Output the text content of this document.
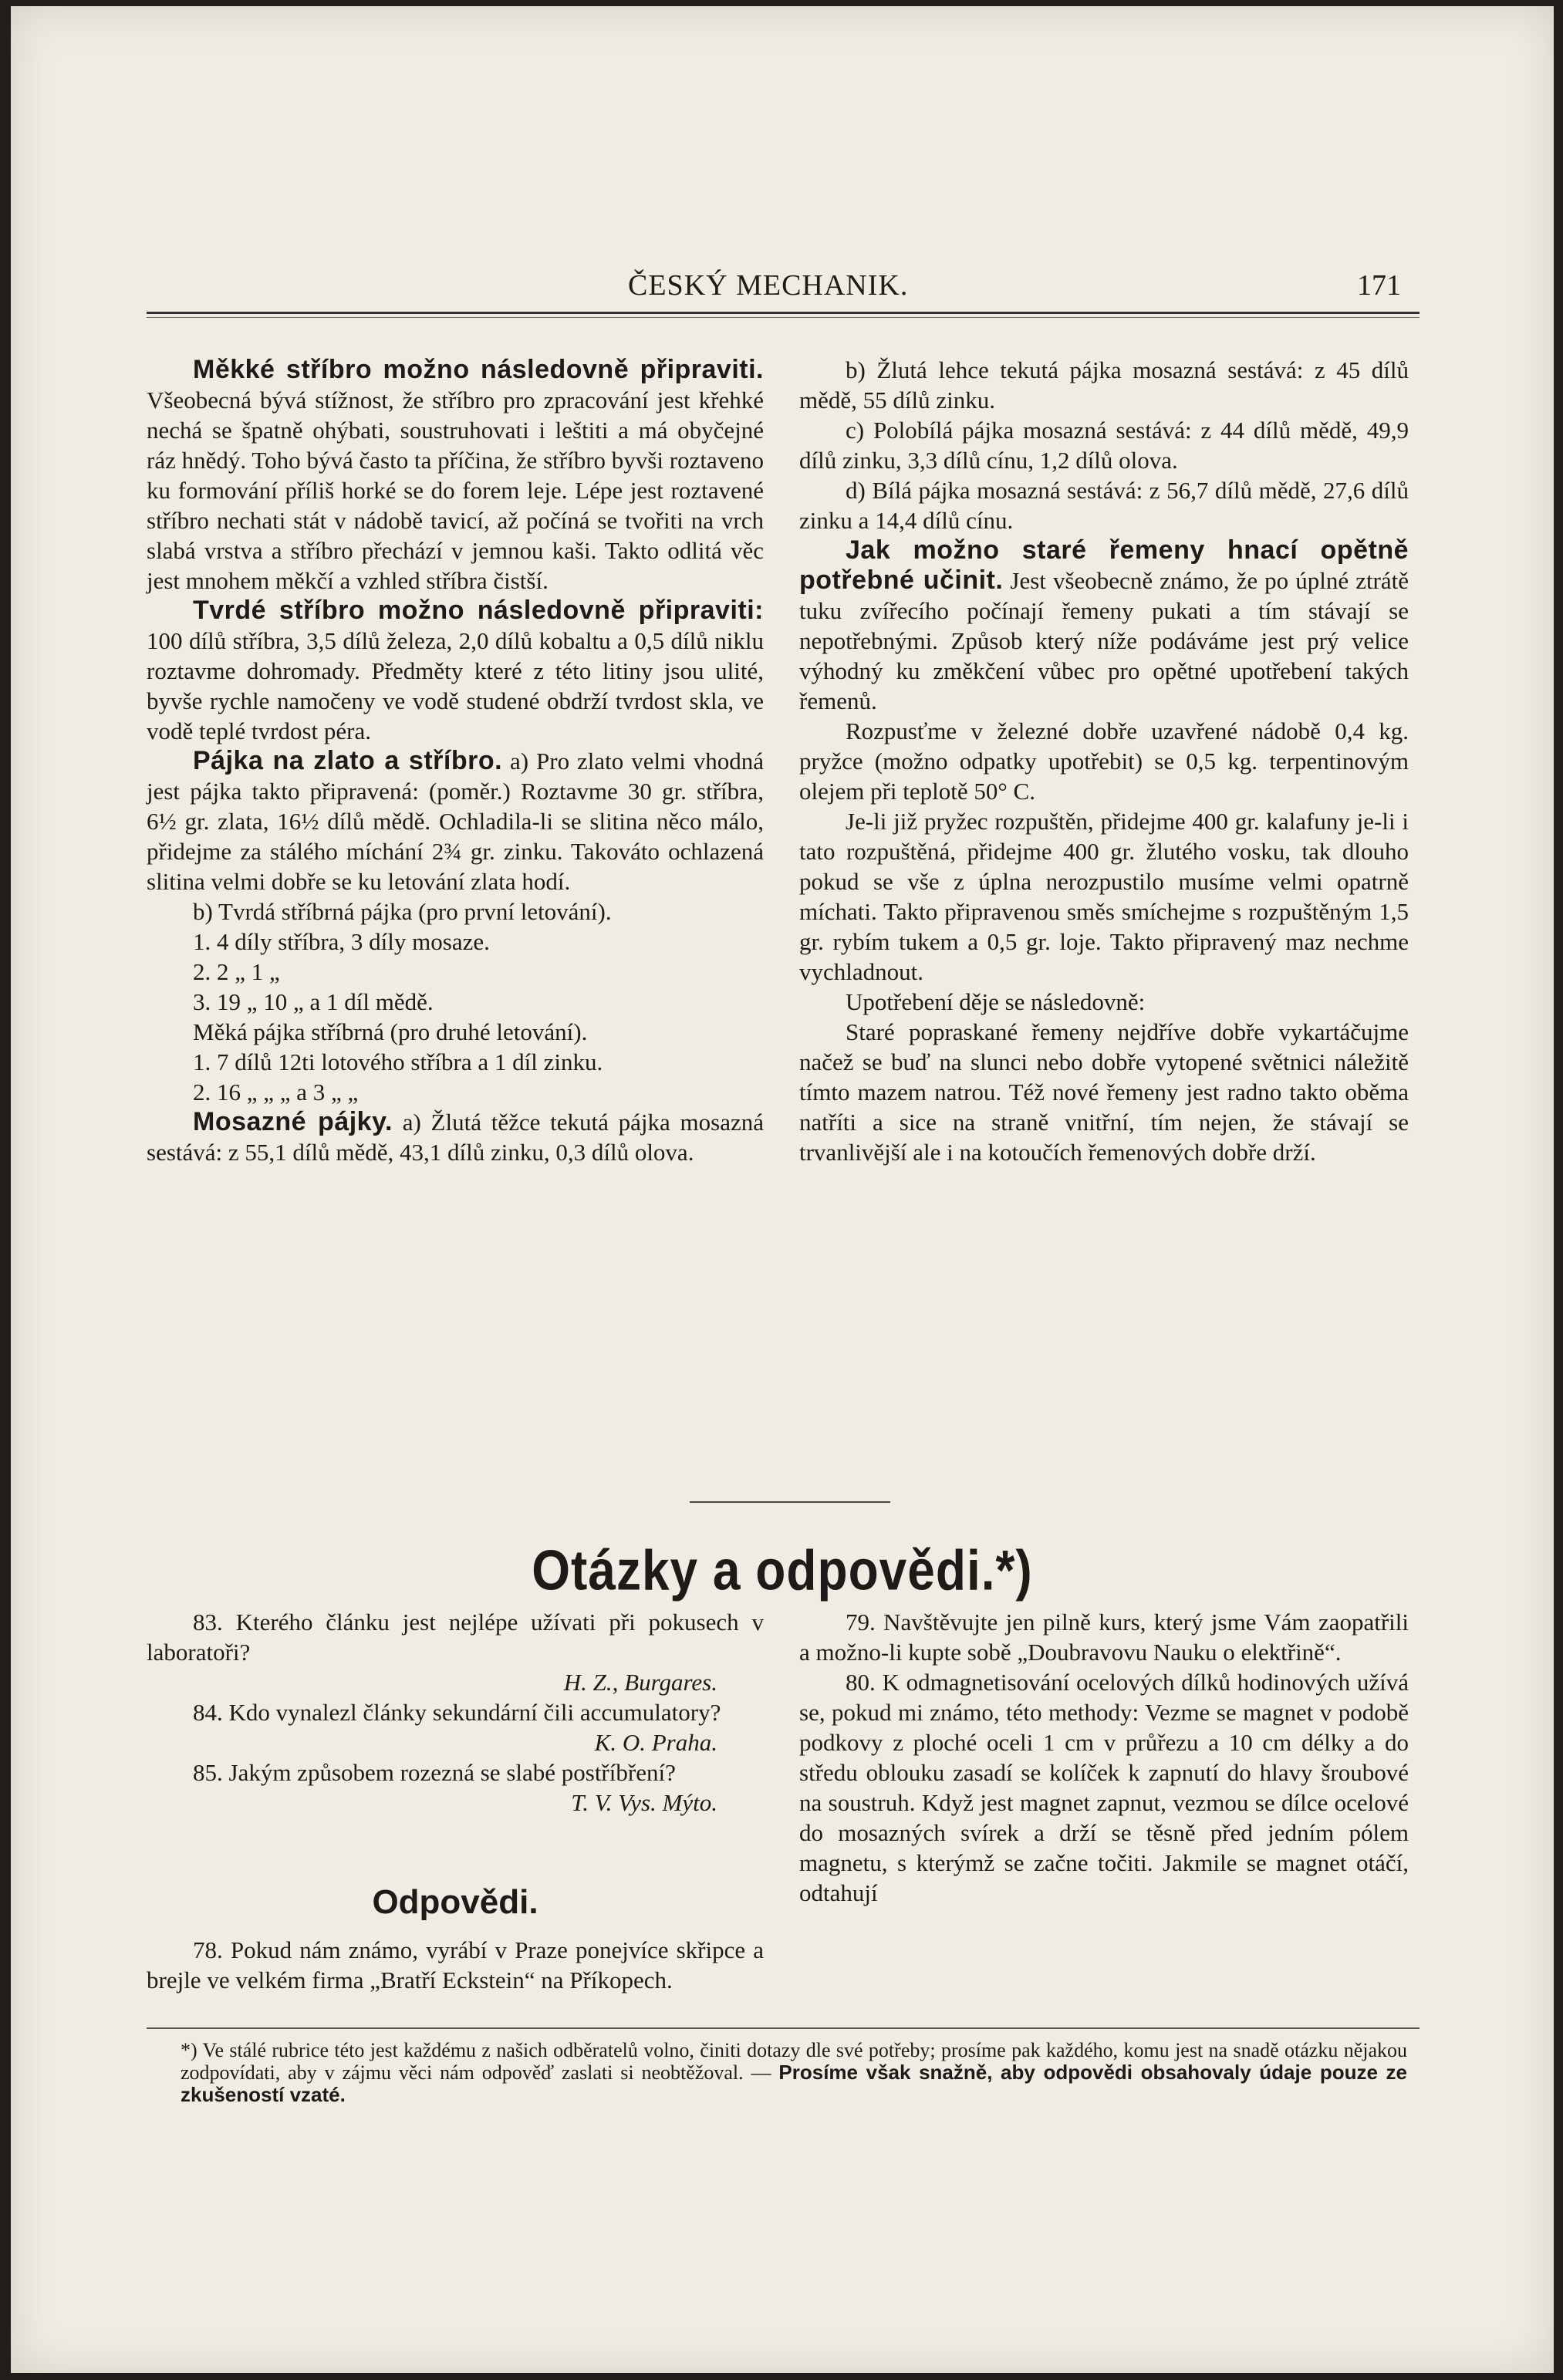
ČESKÝ MECHANIK.	171

Měkké stříbro možno následovně připraviti. Všeobecná bývá stížnost, že stříbro pro zpracování jest křehké nechá se špatně ohýbati, soustruhovati i leštiti a má obyčejné ráz hnědý. Toho bývá často ta příčina, že stříbro byvši roztaveno ku formování příliš horké se do forem leje. Lépe jest roztavené stříbro nechati stát v nádobě tavicí, až počíná se tvořiti na vrch slabá vrstva a stříbro přechází v jemnou kaši. Takto odlitá věc jest mnohem měkčí a vzhled stříbra čistší.

Tvrdé stříbro možno následovně připraviti: 100 dílů stříbra, 3,5 dílů železa, 2,0 dílů kobaltu a 0,5 dílů niklu roztavme dohromady. Předměty které z této litiny jsou ulité, byvše rychle namočeny ve vodě studené obdrží tvrdost skla, ve vodě teplé tvrdost péra.

Pájka na zlato a stříbro. a) Pro zlato velmi vhodná jest pájka takto připravená: (poměr.) Roztavme 30 gr. stříbra, 6½ gr. zlata, 16½ dílů mědě. Ochladila-li se slitina něco málo, přidejme za stálého míchání 2¾ gr. zinku. Takováto ochlazená slitina velmi dobře se ku letování zlata hodí.

b) Tvrdá stříbrná pájka (pro první letování).

1. 4 díly stříbra, 3 díly mosaze.

2. 2 „ 1 „

3. 19 „ 10 „ a 1 díl mědě.

Měká pájka stříbrná (pro druhé letování).

1. 7 dílů 12ti lotového stříbra a 1 díl zinku.

2. 16 „ „ „ a 3 „ „

Mosazné pájky. a) Žlutá těžce tekutá pájka mosazná sestává: z 55,1 dílů mědě, 43,1 dílů zinku, 0,3 dílů olova.

b) Žlutá lehce tekutá pájka mosazná sestává: z 45 dílů mědě, 55 dílů zinku.

c) Polobílá pájka mosazná sestává: z 44 dílů mědě, 49,9 dílů zinku, 3,3 dílů cínu, 1,2 dílů olova.

d) Bílá pájka mosazná sestává: z 56,7 dílů mědě, 27,6 dílů zinku a 14,4 dílů cínu.

Jak možno staré řemeny hnací opětně potřebné učinit. Jest všeobecně známo, že po úplné ztrátě tuku zvířecího počínají řemeny pukati a tím stávají se nepotřebnými. Způsob který níže podáváme jest prý velice výhodný ku změkčení vůbec pro opětné upotřebení takých řemenů.

Rozpusťme v železné dobře uzavřené nádobě 0,4 kg. pryžce (možno odpatky upotřebit) se 0,5 kg. terpentinovým olejem při teplotě 50° C.

Je-li již pryžec rozpuštěn, přidejme 400 gr. kalafuny je-li i tato rozpuštěná, přidejme 400 gr. žlutého vosku, tak dlouho pokud se vše z úplna nerozpustilo musíme velmi opatrně míchati. Takto připravenou směs smíchejme s rozpuštěným 1,5 gr. rybím tukem a 0,5 gr. loje. Takto připravený maz nechme vychladnout.

Upotřebení děje se následovně:

Staré popraskané řemeny nejdříve dobře vykartáčujme načež se buď na slunci nebo dobře vytopené světnici náležitě tímto mazem natrou. Též nové řemeny jest radno takto oběma natříti a sice na straně vnitřní, tím nejen, že stávají se trvanlivější ale i na kotoučích řemenových dobře drží.

Otázky a odpovědi.*)

83. Kterého článku jest nejlépe užívati při pokusech v laboratoři?

H. Z., Burgares.

84. Kdo vynalezl články sekundární čili accumulatory?

K. O. Praha.

85. Jakým způsobem rozezná se slabé postříbření?

T. V. Vys. Mýto.

Odpovědi.

78. Pokud nám známo, vyrábí v Praze ponejvíce skřipce a brejle ve velkém firma „Bratří Eckstein“ na Příkopech.

79. Navštěvujte jen pilně kurs, který jsme Vám zaopatřili a možno-li kupte sobě „Doubravovu Nauku o elektřině“.

80. K odmagnetisování ocelových dílků hodinových užívá se, pokud mi známo, této methody: Vezme se magnet v podobě podkovy z ploché oceli 1 cm v průřezu a 10 cm délky a do středu oblouku zasadí se kolíček k zapnutí do hlavy šroubové na soustruh. Když jest magnet zapnut, vezmou se dílce ocelové do mosazných svírek a drží se těsně před jedním pólem magnetu, s kterýmž se začne točiti. Jakmile se magnet otáčí, odtahují

*) Ve stálé rubrice této jest každému z našich odběratelů volno, činiti dotazy dle své potřeby; prosíme pak každého, komu jest na snadě otázku nějakou zodpovídati, aby v zájmu věci nám odpověď zaslati si neobtěžoval. — Prosíme však snažně, aby odpovědi obsahovaly údaje pouze ze zkušeností vzaté.
